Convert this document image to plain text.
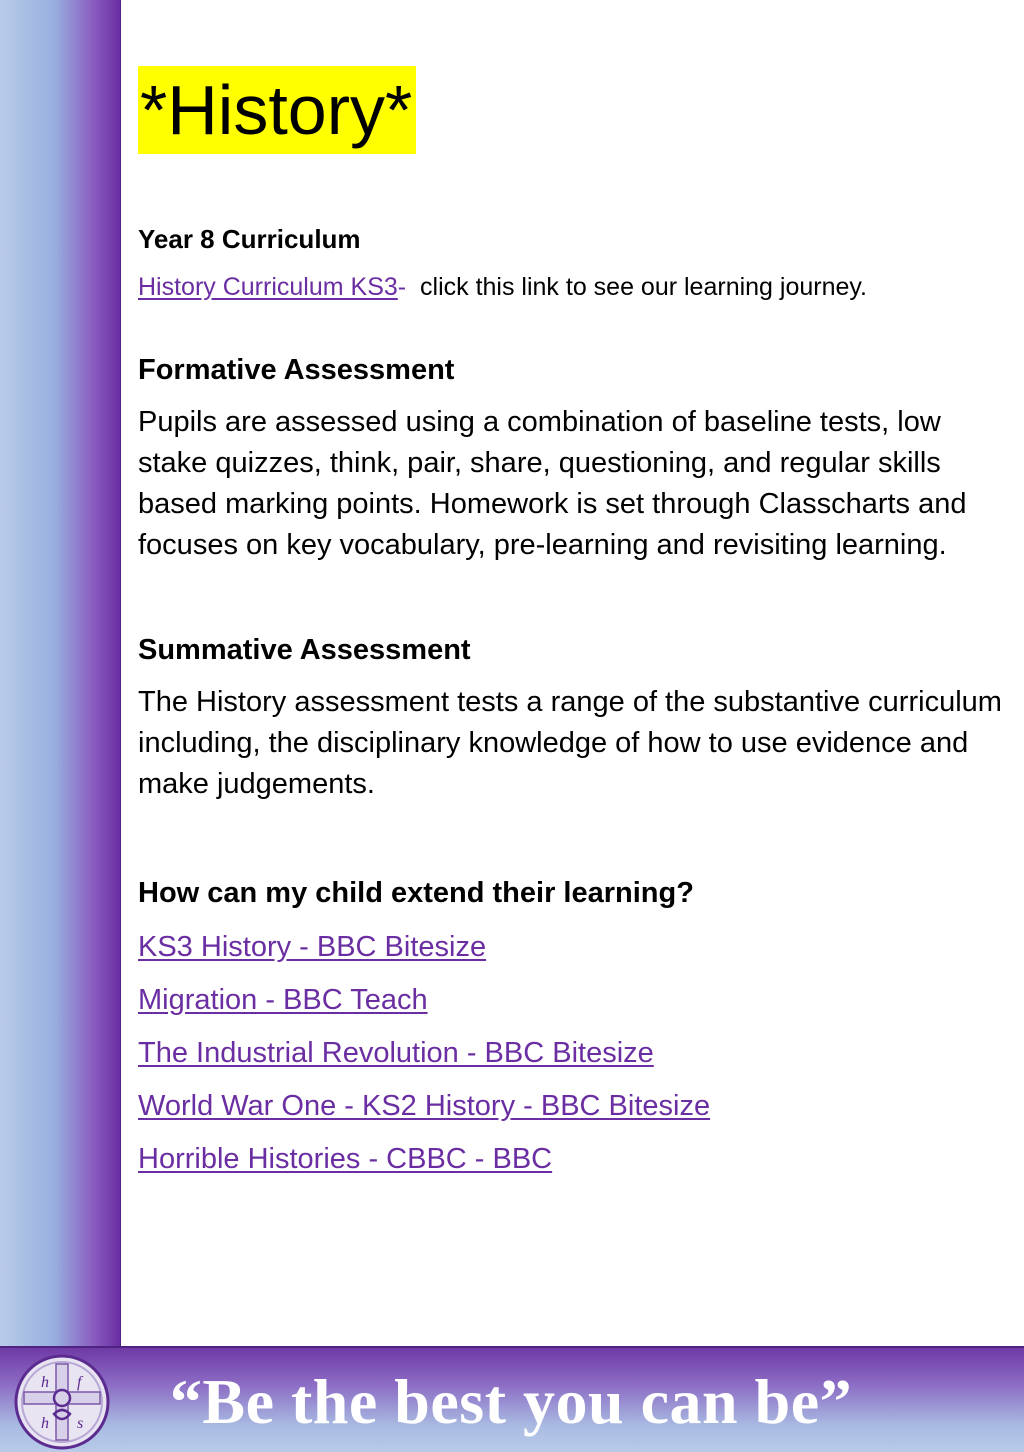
*History*
Year 8 Curriculum
History Curriculum KS3- click this link to see our learning journey.
Formative Assessment

Pupils are assessed using a combination of baseline tests, low stake quizzes, think, pair, share, questioning, and regular skills based marking points. Homework is set through Classcharts and focuses on key vocabulary, pre-learning and revisiting learning.

Summative Assessment

The History assessment tests a range of the substantive curriculum including, the disciplinary knowledge of how to use evidence and make judgements.

How can my child extend their learning?
KS3 History - BBC Bitesize
Migration - BBC Teach
The Industrial Revolution - BBC Bitesize
World War One - KS2 History - BBC Bitesize
Horrible Histories - CBBC - BBC
h f
h s	“Be the best you can be”
